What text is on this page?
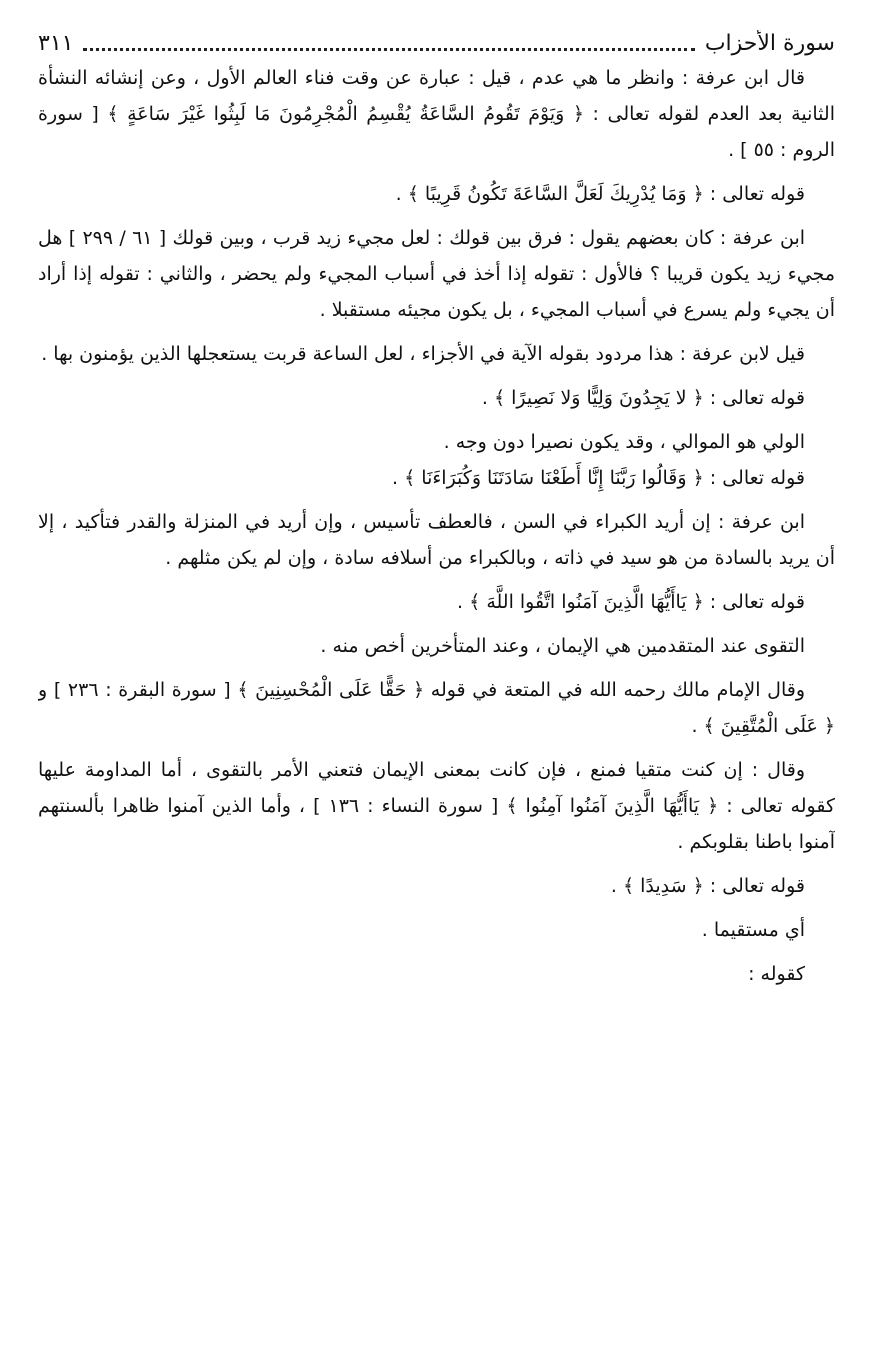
سورة الأحزاب
٣١١

قال ابن عرفة : وانظر ما هي عدم ، قيل : عبارة عن وقت فناء العالم الأول ، وعن إنشائه النشأة الثانية بعد العدم لقوله تعالى : ﴿ وَيَوْمَ تَقُومُ السَّاعَةُ يُقْسِمُ الْمُجْرِمُونَ مَا لَبِثُوا غَيْرَ سَاعَةٍ ﴾ [ سورة الروم : ٥٥ ] .

قوله تعالى : ﴿ وَمَا يُدْرِيكَ لَعَلَّ السَّاعَةَ تَكُونُ قَرِيبًا ﴾ .

ابن عرفة : كان بعضهم يقول : فرق بين قولك : لعل مجيء زيد قرب ، وبين قولك [ ٦١ / ٢٩٩ ] هل مجيء زيد يكون قريبا ؟ فالأول : تقوله إذا أخذ في أسباب المجيء ولم يحضر ، والثاني : تقوله إذا أراد أن يجيء ولم يسرع في أسباب المجيء ، بل يكون مجيئه مستقبلا .

قيل لابن عرفة : هذا مردود بقوله الآية في الأجزاء ، لعل الساعة قربت يستعجلها الذين يؤمنون بها .

قوله تعالى : ﴿ لا يَجِدُونَ وَلِيًّا وَلا نَصِيرًا ﴾ .

الولي هو الموالي ، وقد يكون نصيرا دون وجه .

قوله تعالى : ﴿ وَقَالُوا رَبَّنَا إِنَّا أَطَعْنَا سَادَتَنَا وَكُبَرَاءَنَا ﴾ .

ابن عرفة : إن أريد الكبراء في السن ، فالعطف تأسيس ، وإن أريد في المنزلة والقدر فتأكيد ، إلا أن يريد بالسادة من هو سيد في ذاته ، وبالكبراء من أسلافه سادة ، وإن لم يكن مثلهم .

قوله تعالى : ﴿ يَاأَيُّهَا الَّذِينَ آمَنُوا اتَّقُوا اللَّهَ ﴾ .

التقوى عند المتقدمين هي الإيمان ، وعند المتأخرين أخص منه .

وقال الإمام مالك رحمه الله في المتعة في قوله ﴿ حَقًّا عَلَى الْمُحْسِنِينَ ﴾ [ سورة البقرة : ٢٣٦ ] و ﴿ عَلَى الْمُتَّقِينَ ﴾ .

وقال : إن كنت متقيا فمنع ، فإن كانت بمعنى الإيمان فتعني الأمر بالتقوى ، أما المداومة عليها كقوله تعالى : ﴿ يَاأَيُّهَا الَّذِينَ آمَنُوا آمِنُوا ﴾ [ سورة النساء : ١٣٦ ] ، وأما الذين آمنوا ظاهرا بألسنتهم آمنوا باطنا بقلوبكم .

قوله تعالى : ﴿ سَدِيدًا ﴾ .

أي مستقيما .

كقوله :
